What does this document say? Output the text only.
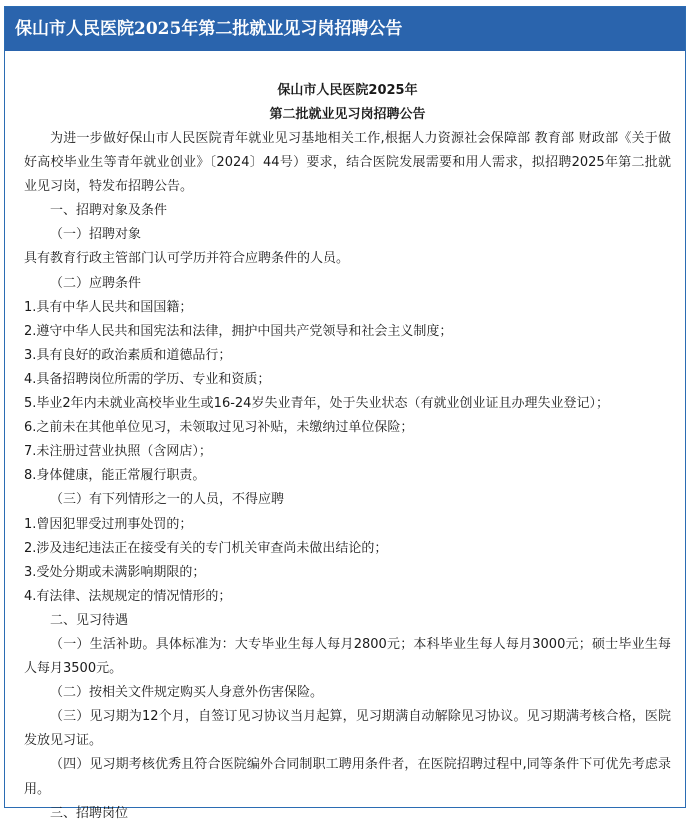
保山市人民医院2025年第二批就业见习岗招聘公告

保山市人民医院2025年

第二批就业见习岗招聘公告

为进一步做好保山市人民医院青年就业见习基地相关工作,根据人力资源社会保障部 教育部 财政部《关于做好高校毕业生等青年就业创业》〔2024〕44号）要求，结合医院发展需要和用人需求，拟招聘2025年第二批就业见习岗，特发布招聘公告。

一、招聘对象及条件

（一）招聘对象

具有教育行政主管部门认可学历并符合应聘条件的人员。

（二）应聘条件

1.具有中华人民共和国国籍；

2.遵守中华人民共和国宪法和法律，拥护中国共产党领导和社会主义制度；

3.具有良好的政治素质和道德品行；

4.具备招聘岗位所需的学历、专业和资质；

5.毕业2年内未就业高校毕业生或16-24岁失业青年，处于失业状态（有就业创业证且办理失业登记）；

6.之前未在其他单位见习，未领取过见习补贴，未缴纳过单位保险；

7.未注册过营业执照（含网店）；

8.身体健康，能正常履行职责。

（三）有下列情形之一的人员，不得应聘

1.曾因犯罪受过刑事处罚的；

2.涉及违纪违法正在接受有关的专门机关审查尚未做出结论的；

3.受处分期或未满影响期限的；

4.有法律、法规规定的情况情形的；

二、见习待遇

（一）生活补助。具体标准为：大专毕业生每人每月2800元；本科毕业生每人每月3000元；硕士毕业生每人每月3500元。

（二）按相关文件规定购买人身意外伤害保险。

（三）见习期为12个月，自签订见习协议当月起算，见习期满自动解除见习协议。见习期满考核合格，医院发放见习证。

（四）见习期考核优秀且符合医院编外合同制职工聘用条件者，在医院招聘过程中,同等条件下可优先考虑录用。

三、招聘岗位
